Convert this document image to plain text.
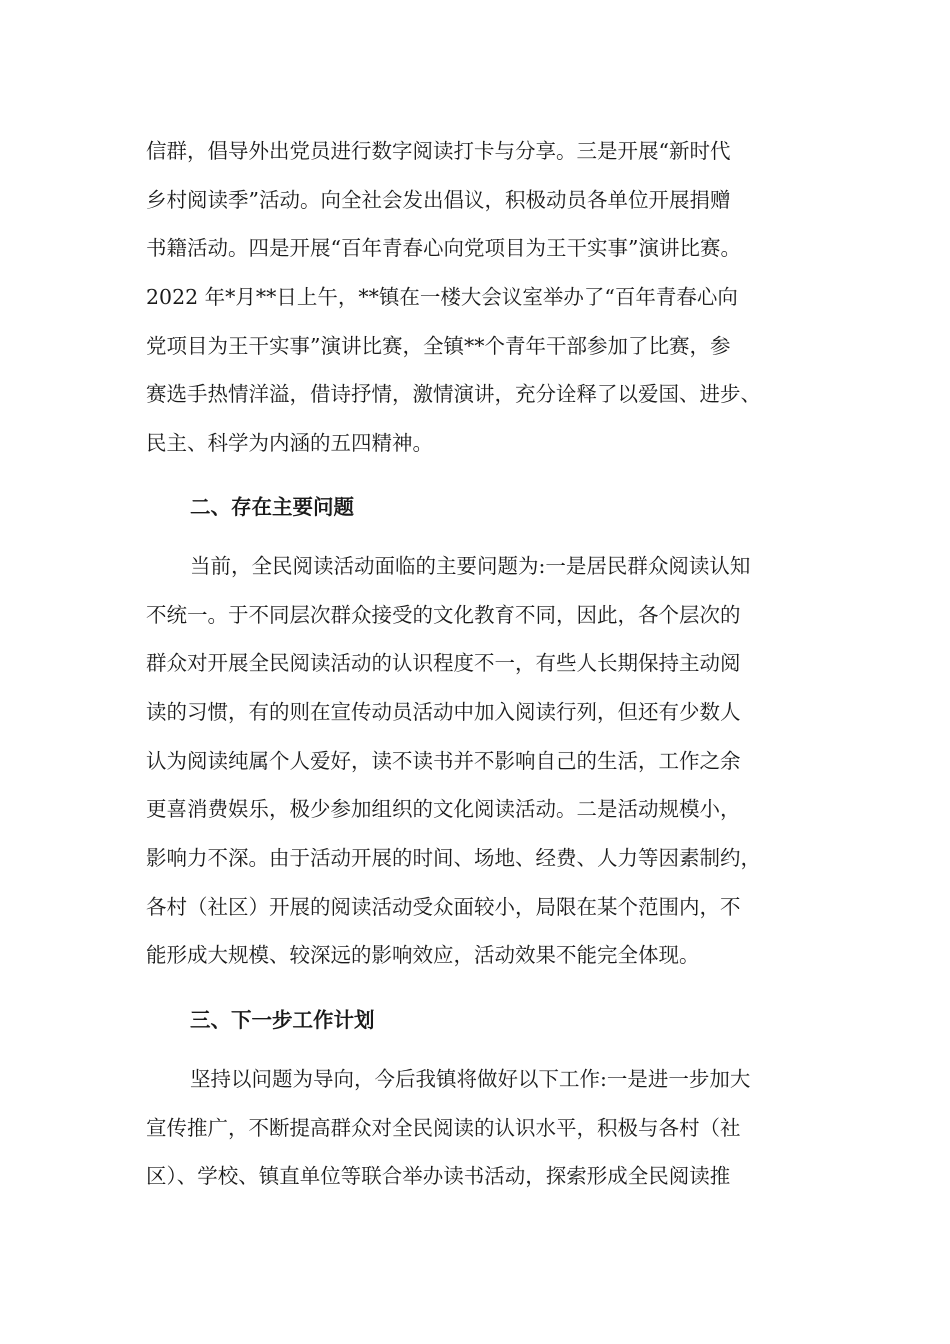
信群，倡导外出党员进行数字阅读打卡与分享。三是开展“新时代

乡村阅读季”活动。向全社会发出倡议，积极动员各单位开展捐赠

书籍活动。四是开展“百年青春心向党项目为王干实事”演讲比赛。

2022 年*月**日上午，**镇在一楼大会议室举办了“百年青春心向

党项目为王干实事”演讲比赛，全镇**个青年干部参加了比赛，参

赛选手热情洋溢，借诗抒情，激情演讲，充分诠释了以爱国、进步、

民主、科学为内涵的五四精神。

二、存在主要问题

当前，全民阅读活动面临的主要问题为:一是居民群众阅读认知

不统一。于不同层次群众接受的文化教育不同，因此，各个层次的

群众对开展全民阅读活动的认识程度不一，有些人长期保持主动阅

读的习惯，有的则在宣传动员活动中加入阅读行列，但还有少数人

认为阅读纯属个人爱好，读不读书并不影响自己的生活，工作之余

更喜消费娱乐，极少参加组织的文化阅读活动。二是活动规模小，

影响力不深。由于活动开展的时间、场地、经费、人力等因素制约，

各村（社区）开展的阅读活动受众面较小，局限在某个范围内，不

能形成大规模、较深远的影响效应，活动效果不能完全体现。

三、下一步工作计划

坚持以问题为导向，今后我镇将做好以下工作:一是进一步加大

宣传推广，不断提高群众对全民阅读的认识水平，积极与各村（社

区）、学校、镇直单位等联合举办读书活动，探索形成全民阅读推
